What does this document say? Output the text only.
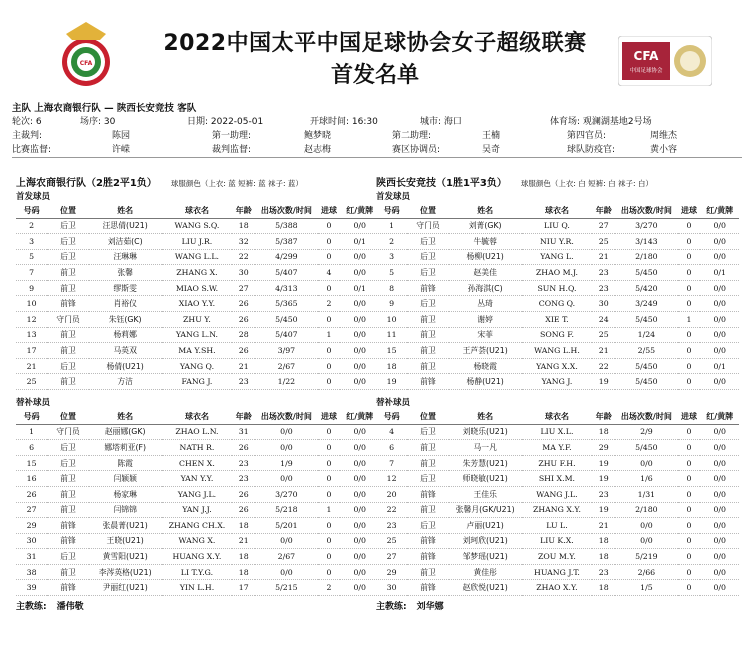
CFA
2022中国太平中国足球协会女子超级联赛
首发名单
CFA
中国足球协会
主队 上海农商银行队 — 陕西长安竞技 客队
轮次: 6	场序: 30	日期: 2022-05-01	开球时间: 16:30	城市: 海口	体育场: 观澜湖基地2号场
主裁判:	陈园	第一助理:	鲍梦晓	第二助理:	王楠	第四官员:	周维杰
比赛监督:	许嵘	裁判监督:	赵志梅	赛区协调员:	吴奇	球队防疫官:	黄小容
上海农商银行队（2胜2平1负） 球服颜色（上衣: 蓝 短裤: 蓝 袜子: 蓝）
首发球员
号码	位置	姓名	球衣名	年龄	出场次数/时间	进球	红/黄牌
2	后卫	汪思倩(U21)	WANG S.Q.	18	5/388	0	0/0
3	后卫	刘洁茹(C)	LIU J.R.	32	5/387	0	0/1
5	后卫	汪琳琳	WANG L.L.	22	4/299	0	0/0
7	前卫	张馨	ZHANG X.	30	5/407	4	0/0
9	前卫	缪斯雯	MIAO S.W.	27	4/313	0	0/1
10	前锋	肖裕仪	XIAO Y.Y.	26	5/365	2	0/0
12	守门员	朱钰(GK)	ZHU Y.	26	5/450	0	0/0
13	前卫	杨莉娜	YANG L.N.	28	5/407	1	0/0
17	前卫	马英双	MA Y.SH.	26	3/97	0	0/0
21	后卫	杨倩(U21)	YANG Q.	21	2/67	0	0/0
25	前卫	方洁	FANG J.	23	1/22	0	0/0
替补球员
号码	位置	姓名	球衣名	年龄	出场次数/时间	进球	红/黄牌
1	守门员	赵丽娜(GK)	ZHAO L.N.	31	0/0	0	0/0
6	后卫	娜塔莉亚(F)	NATH R.	26	0/0	0	0/0
15	后卫	陈霞	CHEN X.	23	1/9	0	0/0
16	前卫	闫颖颖	YAN Y.Y.	23	0/0	0	0/0
26	前卫	杨家琳	YANG J.L.	26	3/270	0	0/0
27	前卫	闫锦锦	YAN J.J.	26	5/218	1	0/0
29	前锋	张晨菁(U21)	ZHANG CH.X.	18	5/201	0	0/0
30	前锋	王晓(U21)	WANG X.	21	0/0	0	0/0
31	后卫	黄雪阳(U21)	HUANG X.Y.	18	2/67	0	0/0
38	前卫	李涔英格(U21)	LI T.Y.G.	18	0/0	0	0/0
39	前锋	尹丽红(U21)	YIN L.H.	17	5/215	2	0/0
主教练: 潘伟敬
陕西长安竞技（1胜1平3负） 球服颜色（上衣: 白 短裤: 白 袜子: 白）
首发球员
号码	位置	姓名	球衣名	年龄	出场次数/时间	进球	红/黄牌
1	守门员	刘菁(GK)	LIU Q.	27	3/270	0	0/0
2	后卫	牛毓蓉	NIU Y.R.	25	3/143	0	0/0
3	后卫	杨柳(U21)	YANG L.	21	2/180	0	0/0
5	后卫	赵美佳	ZHAO M.J.	23	5/450	0	0/1
8	前锋	孙海淇(C)	SUN H.Q.	23	5/420	0	0/0
9	后卫	丛琦	CONG Q.	30	3/249	0	0/0
10	前卫	谢婷	XIE T.	24	5/450	1	0/0
11	前卫	宋菲	SONG F.	25	1/24	0	0/0
15	前卫	王芦荟(U21)	WANG L.H.	21	2/55	0	0/0
18	前卫	杨晓霞	YANG X.X.	22	5/450	0	0/1
19	前锋	杨静(U21)	YANG J.	19	5/450	0	0/0
替补球员
号码	位置	姓名	球衣名	年龄	出场次数/时间	进球	红/黄牌
4	后卫	刘晓乐(U21)	LIU X.L.	18	2/9	0	0/0
6	前卫	马一凡	MA Y.F.	29	5/450	0	0/0
7	前卫	朱芳慧(U21)	ZHU F.H.	19	0/0	0	0/0
12	后卫	师晓敏(U21)	SHI X.M.	19	1/6	0	0/0
20	前锋	王佳乐	WANG J.L.	23	1/31	0	0/0
22	前卫	张馨月(GK/U21)	ZHANG X.Y.	19	2/180	0	0/0
23	后卫	卢丽(U21)	LU L.	21	0/0	0	0/0
25	前锋	刘珂欣(U21)	LIU K.X.	18	0/0	0	0/0
27	前锋	邹梦瑶(U21)	ZOU M.Y.	18	5/219	0	0/0
29	前卫	黄佳彤	HUANG J.T.	23	2/66	0	0/0
30	前锋	赵欣悦(U21)	ZHAO X.Y.	18	1/5	0	0/0
主教练: 刘华娜
